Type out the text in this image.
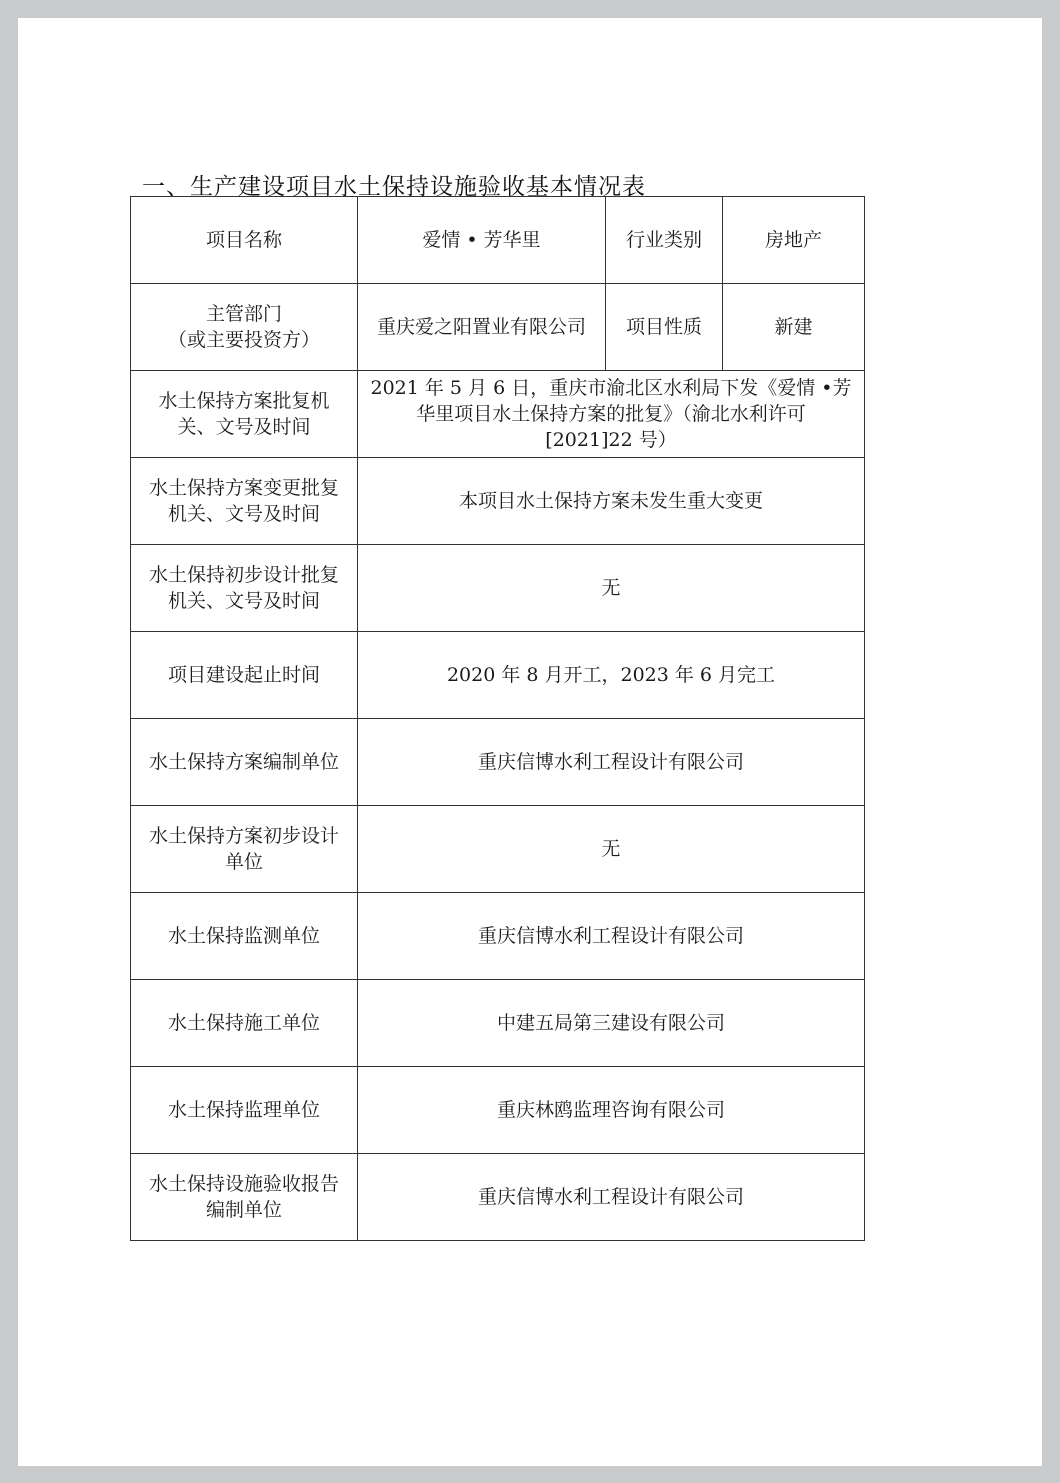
一、生产建设项目水土保持设施验收基本情况表
项目名称	爱情 • 芳华里	行业类别	房地产
主管部门
（或主要投资方）	重庆爱之阳置业有限公司	项目性质	新建
水土保持方案批复机
关、文号及时间	2021 年 5 月 6 日，重庆市渝北区水利局下发《爱情 •芳
华里项目水土保持方案的批复》（渝北水利许可
[2021]22 号）		
水土保持方案变更批复
机关、文号及时间	本项目水土保持方案未发生重大变更		
水土保持初步设计批复
机关、文号及时间	无		
项目建设起止时间	2020 年 8 月开工，2023 年 6 月完工		
水土保持方案编制单位	重庆信博水利工程设计有限公司		
水土保持方案初步设计
单位	无		
水土保持监测单位	重庆信博水利工程设计有限公司		
水土保持施工单位	中建五局第三建设有限公司		
水土保持监理单位	重庆林鸥监理咨询有限公司		
水土保持设施验收报告
编制单位	重庆信博水利工程设计有限公司		
